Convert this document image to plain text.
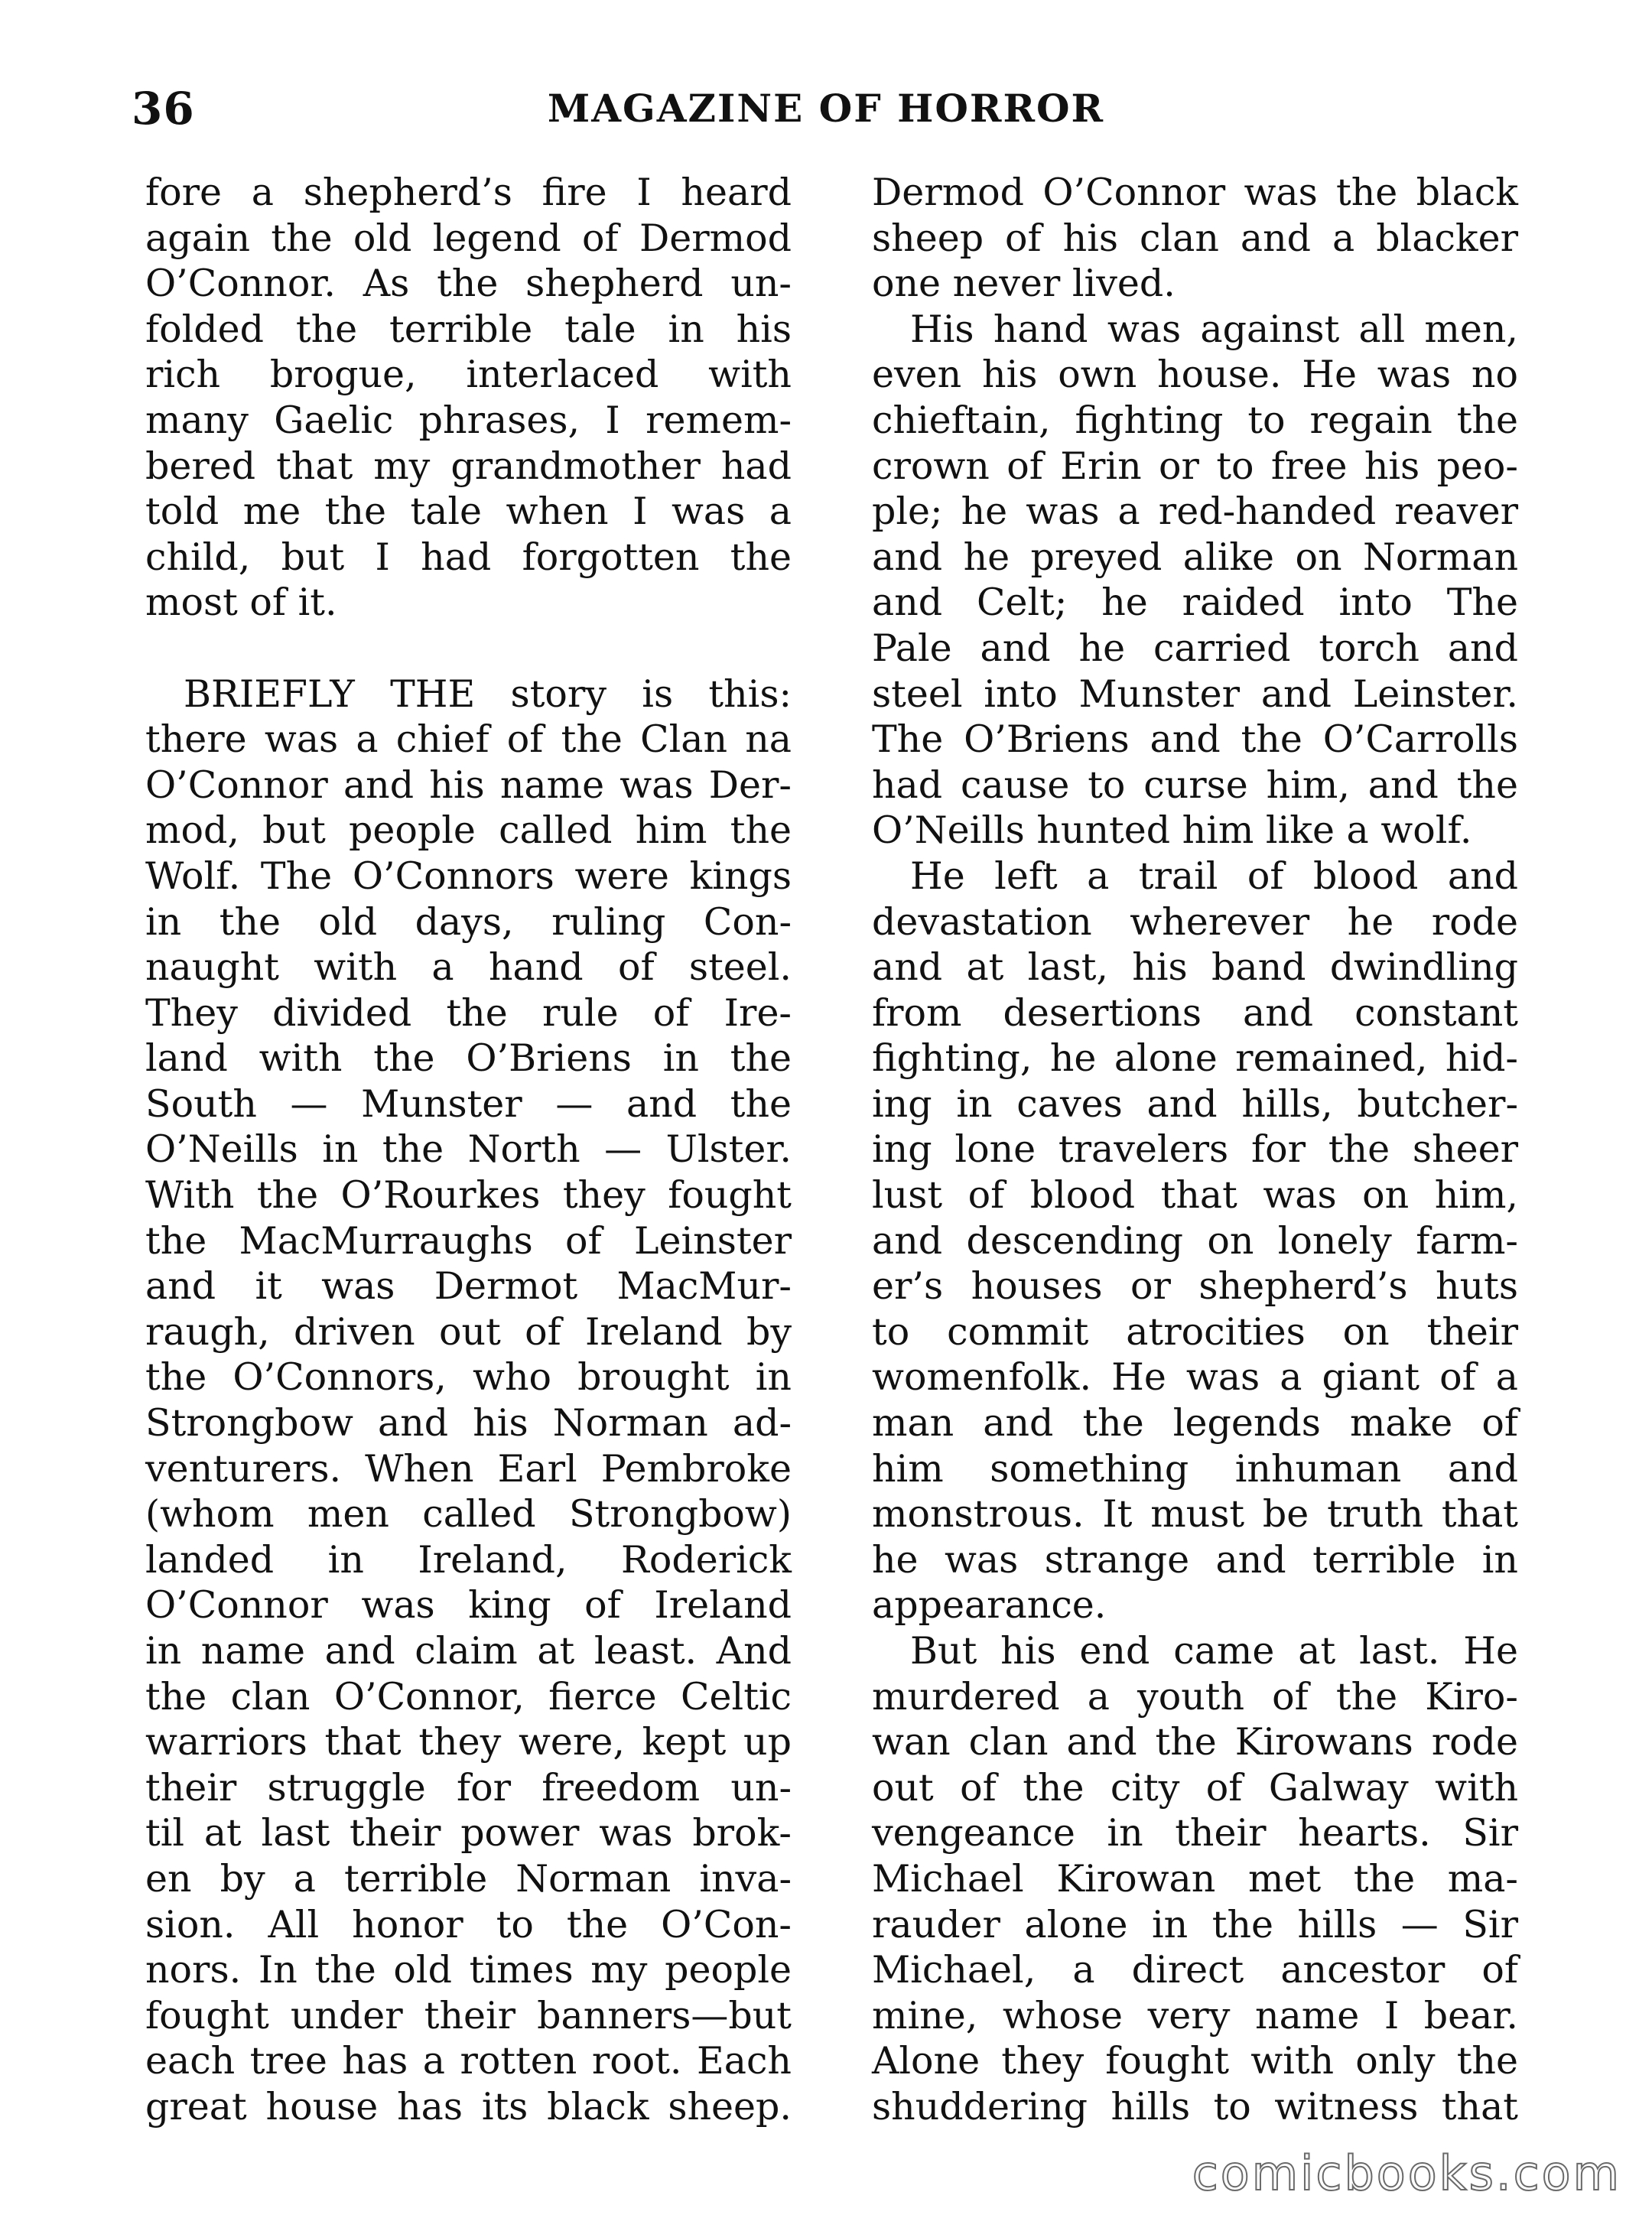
36	MAGAZINE OF HORROR
fore a shepherd’s fire I heard
again the old legend of Dermod
O’Connor. As the shepherd un-
folded the terrible tale in his
rich brogue, interlaced with
many Gaelic phrases, I remem-
bered that my grandmother had
told me the tale when I was a
child, but I had forgotten the
most of it.
BRIEFLY THE story is this:
there was a chief of the Clan na
O’Connor and his name was Der-
mod, but people called him the
Wolf. The O’Connors were kings
in the old days, ruling Con-
naught with a hand of steel.
They divided the rule of Ire-
land with the O’Briens in the
South — Munster — and the
O’Neills in the North — Ulster.
With the O’Rourkes they fought
the MacMurraughs of Leinster
and it was Dermot MacMur-
raugh, driven out of Ireland by
the O’Connors, who brought in
Strongbow and his Norman ad-
venturers. When Earl Pembroke
(whom men called Strongbow)
landed in Ireland, Roderick
O’Connor was king of Ireland
in name and claim at least. And
the clan O’Connor, fierce Celtic
warriors that they were, kept up
their struggle for freedom un-
til at last their power was brok-
en by a terrible Norman inva-
sion. All honor to the O’Con-
nors. In the old times my people
fought under their banners—but
each tree has a rotten root. Each
great house has its black sheep.
Dermod O’Connor was the black
sheep of his clan and a blacker
one never lived.
His hand was against all men,
even his own house. He was no
chieftain, fighting to regain the
crown of Erin or to free his peo-
ple; he was a red-handed reaver
and he preyed alike on Norman
and Celt; he raided into The
Pale and he carried torch and
steel into Munster and Leinster.
The O’Briens and the O’Carrolls
had cause to curse him, and the
O’Neills hunted him like a wolf.
He left a trail of blood and
devastation wherever he rode
and at last, his band dwindling
from desertions and constant
fighting, he alone remained, hid-
ing in caves and hills, butcher-
ing lone travelers for the sheer
lust of blood that was on him,
and descending on lonely farm-
er’s houses or shepherd’s huts
to commit atrocities on their
womenfolk. He was a giant of a
man and the legends make of
him something inhuman and
monstrous. It must be truth that
he was strange and terrible in
appearance.
But his end came at last. He
murdered a youth of the Kiro-
wan clan and the Kirowans rode
out of the city of Galway with
vengeance in their hearts. Sir
Michael Kirowan met the ma-
rauder alone in the hills — Sir
Michael, a direct ancestor of
mine, whose very name I bear.
Alone they fought with only the
shuddering hills to witness that
comicbooks.com
